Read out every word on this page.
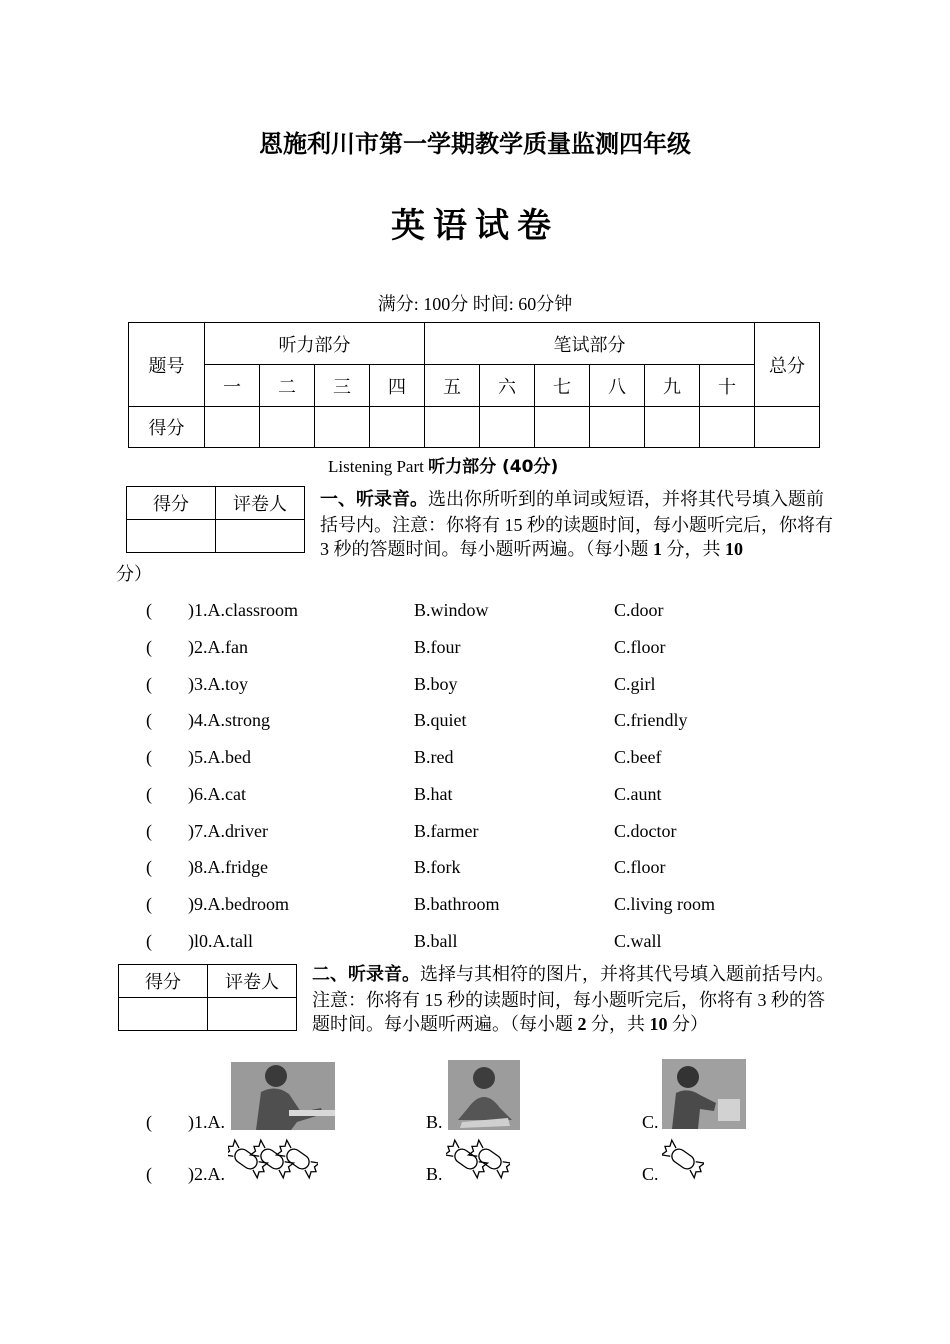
恩施利川市第一学期教学质量监测四年级
英语试卷
满分: 100分 时间: 60分钟
题号	听力部分				笔试部分						总分
	一	二	三	四	五	六	七	八	九	十	
得分											
Listening Part 听力部分 (40分)
得分	评卷人
	一、听录音。选出你所听到的单词或短语，并将其代号填入题前括号内。注意：你将有 15 秒的读题时间，每小题听完后，你将有 3 秒的答题时间。每小题听两遍。（每小题 1 分，共 10
分）
( )1.A.classroom	B.window	C.door
( )2.A.fan	B.four	C.floor
( )3.A.toy	B.boy	C.girl
( )4.A.strong	B.quiet	C.friendly
( )5.A.bed	B.red	C.beef
( )6.A.cat	B.hat	C.aunt
( )7.A.driver	B.farmer	C.doctor
( )8.A.fridge	B.fork	C.floor
( )9.A.bedroom	B.bathroom	C.living room
( )l0.A.tall	B.ball	C.wall
得分	评卷人
	二、听录音。选择与其相符的图片，并将其代号填入题前括号内。注意：你将有 15 秒的读题时间，每小题听完后，你将有 3 秒的答题时间。每小题听两遍。（每小题 2 分，共 10 分）
( )1.A.	B.	C.
( )2.A.	B.	C.
